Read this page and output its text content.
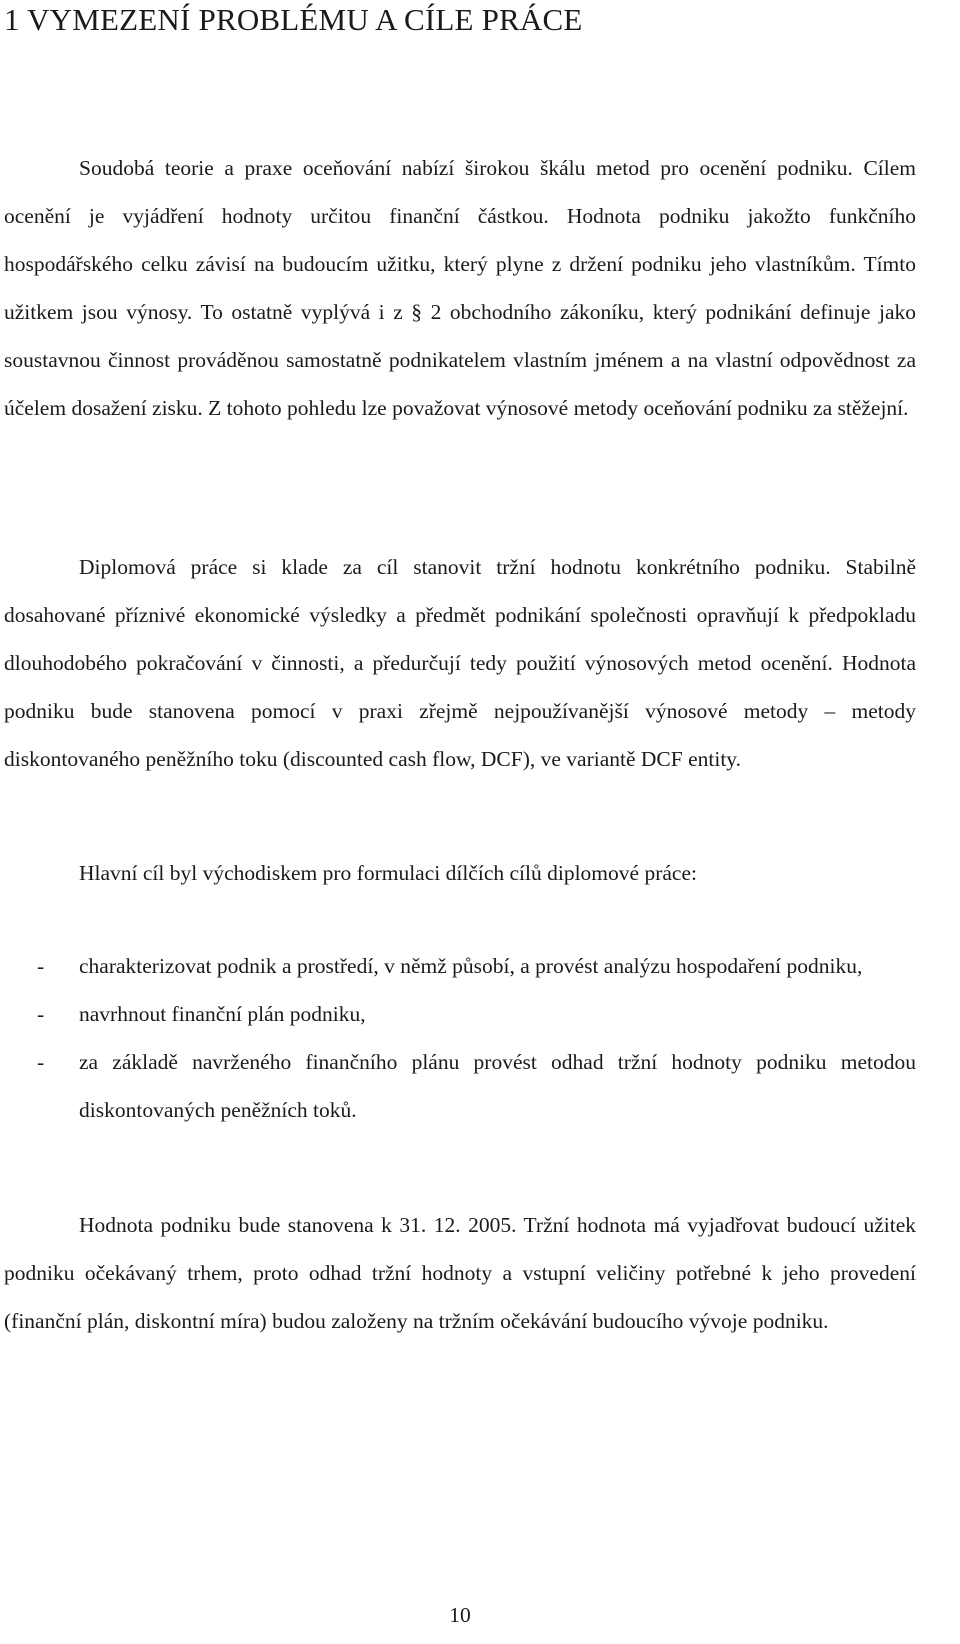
1 VYMEZENÍ PROBLÉMU A CÍLE PRÁCE

Soudobá teorie a praxe oceňování nabízí širokou škálu metod pro ocenění podniku. Cílem ocenění je vyjádření hodnoty určitou finanční částkou. Hodnota podniku jakožto funkčního hospodářského celku závisí na budoucím užitku, který plyne z držení podniku jeho vlastníkům. Tímto užitkem jsou výnosy. To ostatně vyplývá i z § 2 obchodního zákoníku, který podnikání definuje jako soustavnou činnost prováděnou samostatně podnikatelem vlastním jménem a na vlastní odpovědnost za účelem dosažení zisku. Z tohoto pohledu lze považovat výnosové metody oceňování podniku za stěžejní.

Diplomová práce si klade za cíl stanovit tržní hodnotu konkrétního podniku. Stabilně dosahované příznivé ekonomické výsledky a předmět podnikání společnosti opravňují k předpokladu dlouhodobého pokračování v činnosti, a předurčují tedy použití výnosových metod ocenění. Hodnota podniku bude stanovena pomocí v praxi zřejmě nejpoužívanější výnosové metody – metody diskontovaného peněžního toku (discounted cash flow, DCF), ve variantě DCF entity.

Hlavní cíl byl východiskem pro formulaci dílčích cílů diplomové práce:

- charakterizovat podnik a prostředí, v němž působí, a provést analýzu hospodaření podniku,
- navrhnout finanční plán podniku,
- za základě navrženého finančního plánu provést odhad tržní hodnoty podniku metodou diskontovaných peněžních toků.

Hodnota podniku bude stanovena k 31. 12. 2005. Tržní hodnota má vyjadřovat budoucí užitek podniku očekávaný trhem, proto odhad tržní hodnoty a vstupní veličiny potřebné k jeho provedení (finanční plán, diskontní míra) budou založeny na tržním očekávání budoucího vývoje podniku.

10
